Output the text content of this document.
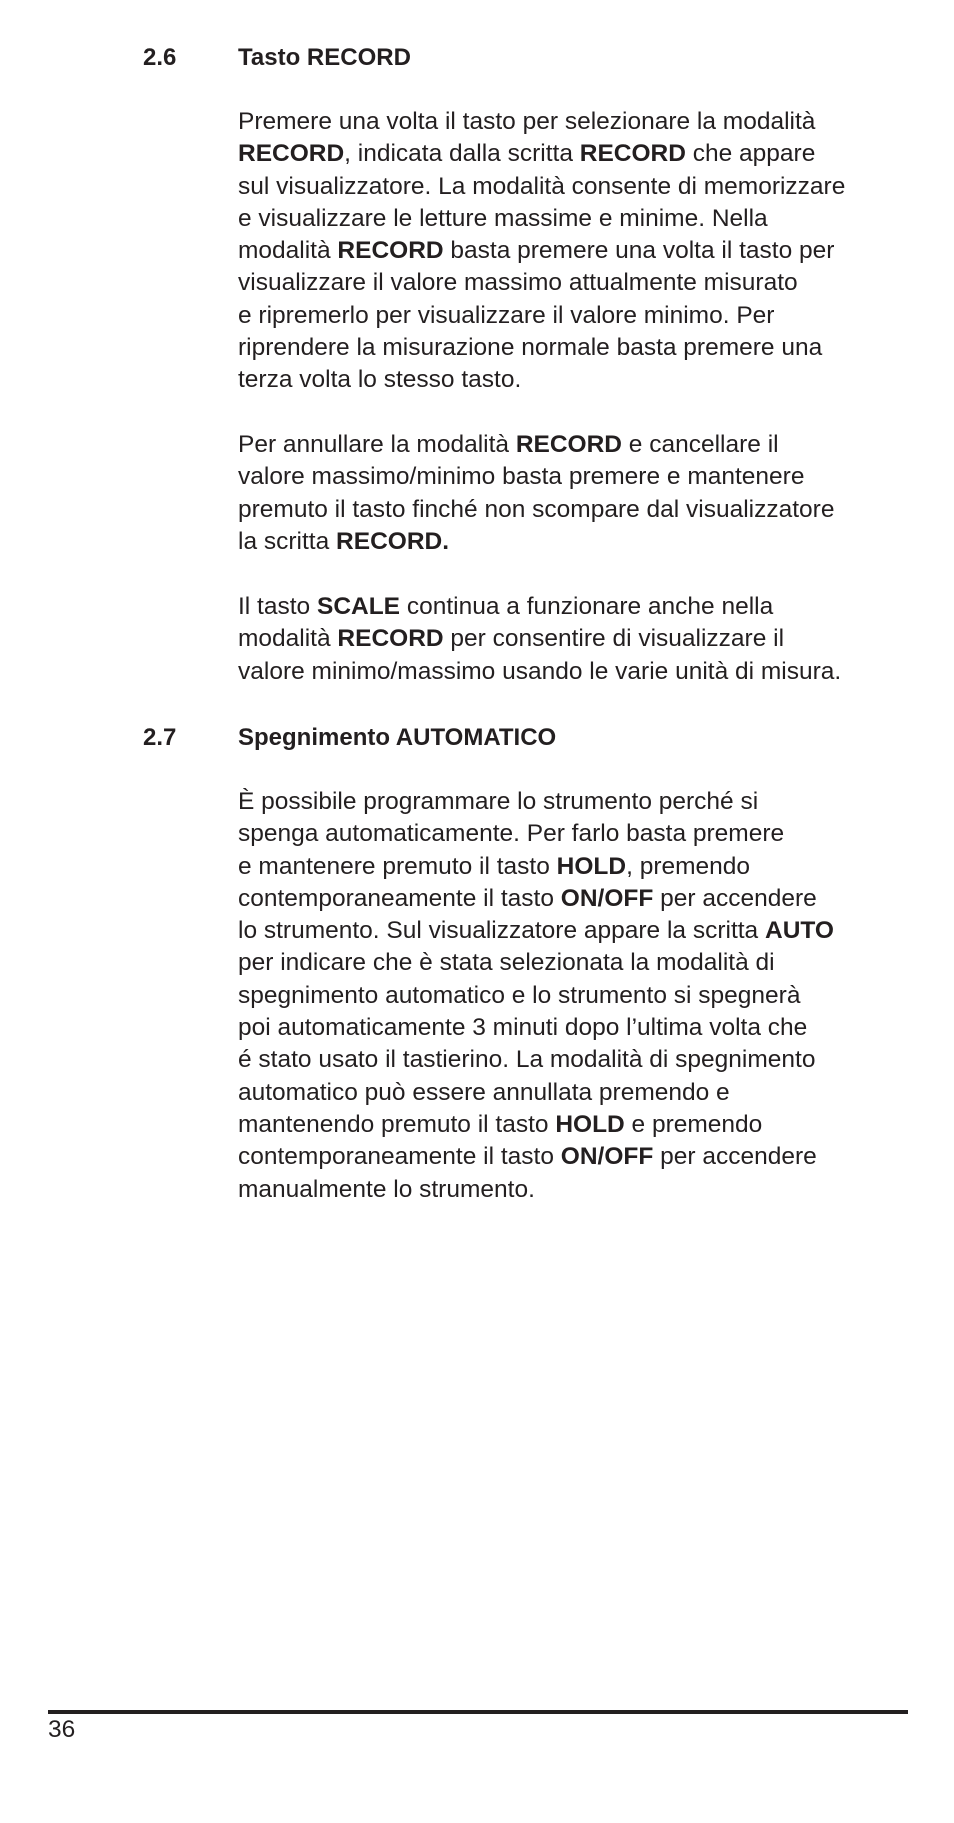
2.6	Tasto RECORD
Premere una volta il tasto per selezionare la modalità
RECORD, indicata dalla scritta RECORD che appare
sul visualizzatore. La modalità consente di memorizzare
e visualizzare le letture massime e minime. Nella
modalità RECORD basta premere una volta il tasto per
visualizzare il valore massimo attualmente misurato
e ripremerlo per visualizzare il valore minimo. Per
riprendere la misurazione normale basta premere una
terza volta lo stesso tasto.
Per annullare la modalità RECORD e cancellare il
valore massimo/minimo basta premere e mantenere
premuto il tasto finché non scompare dal visualizzatore
la scritta RECORD.
Il tasto SCALE continua a funzionare anche nella
modalità RECORD per consentire di visualizzare il
valore minimo/massimo usando le varie unità di misura.
2.7	Spegnimento AUTOMATICO
È possibile programmare lo strumento perché si
spenga automaticamente. Per farlo basta premere
e mantenere premuto il tasto HOLD, premendo
contemporaneamente il tasto ON/OFF per accendere
lo strumento. Sul visualizzatore appare la scritta AUTO
per indicare che è stata selezionata la modalità di
spegnimento automatico e lo strumento si spegnerà
poi automaticamente 3 minuti dopo l’ultima volta che
é stato usato il tastierino. La modalità di spegnimento
automatico può essere annullata premendo e
mantenendo premuto il tasto HOLD e premendo
contemporaneamente il tasto ON/OFF per accendere
manualmente lo strumento.
36
